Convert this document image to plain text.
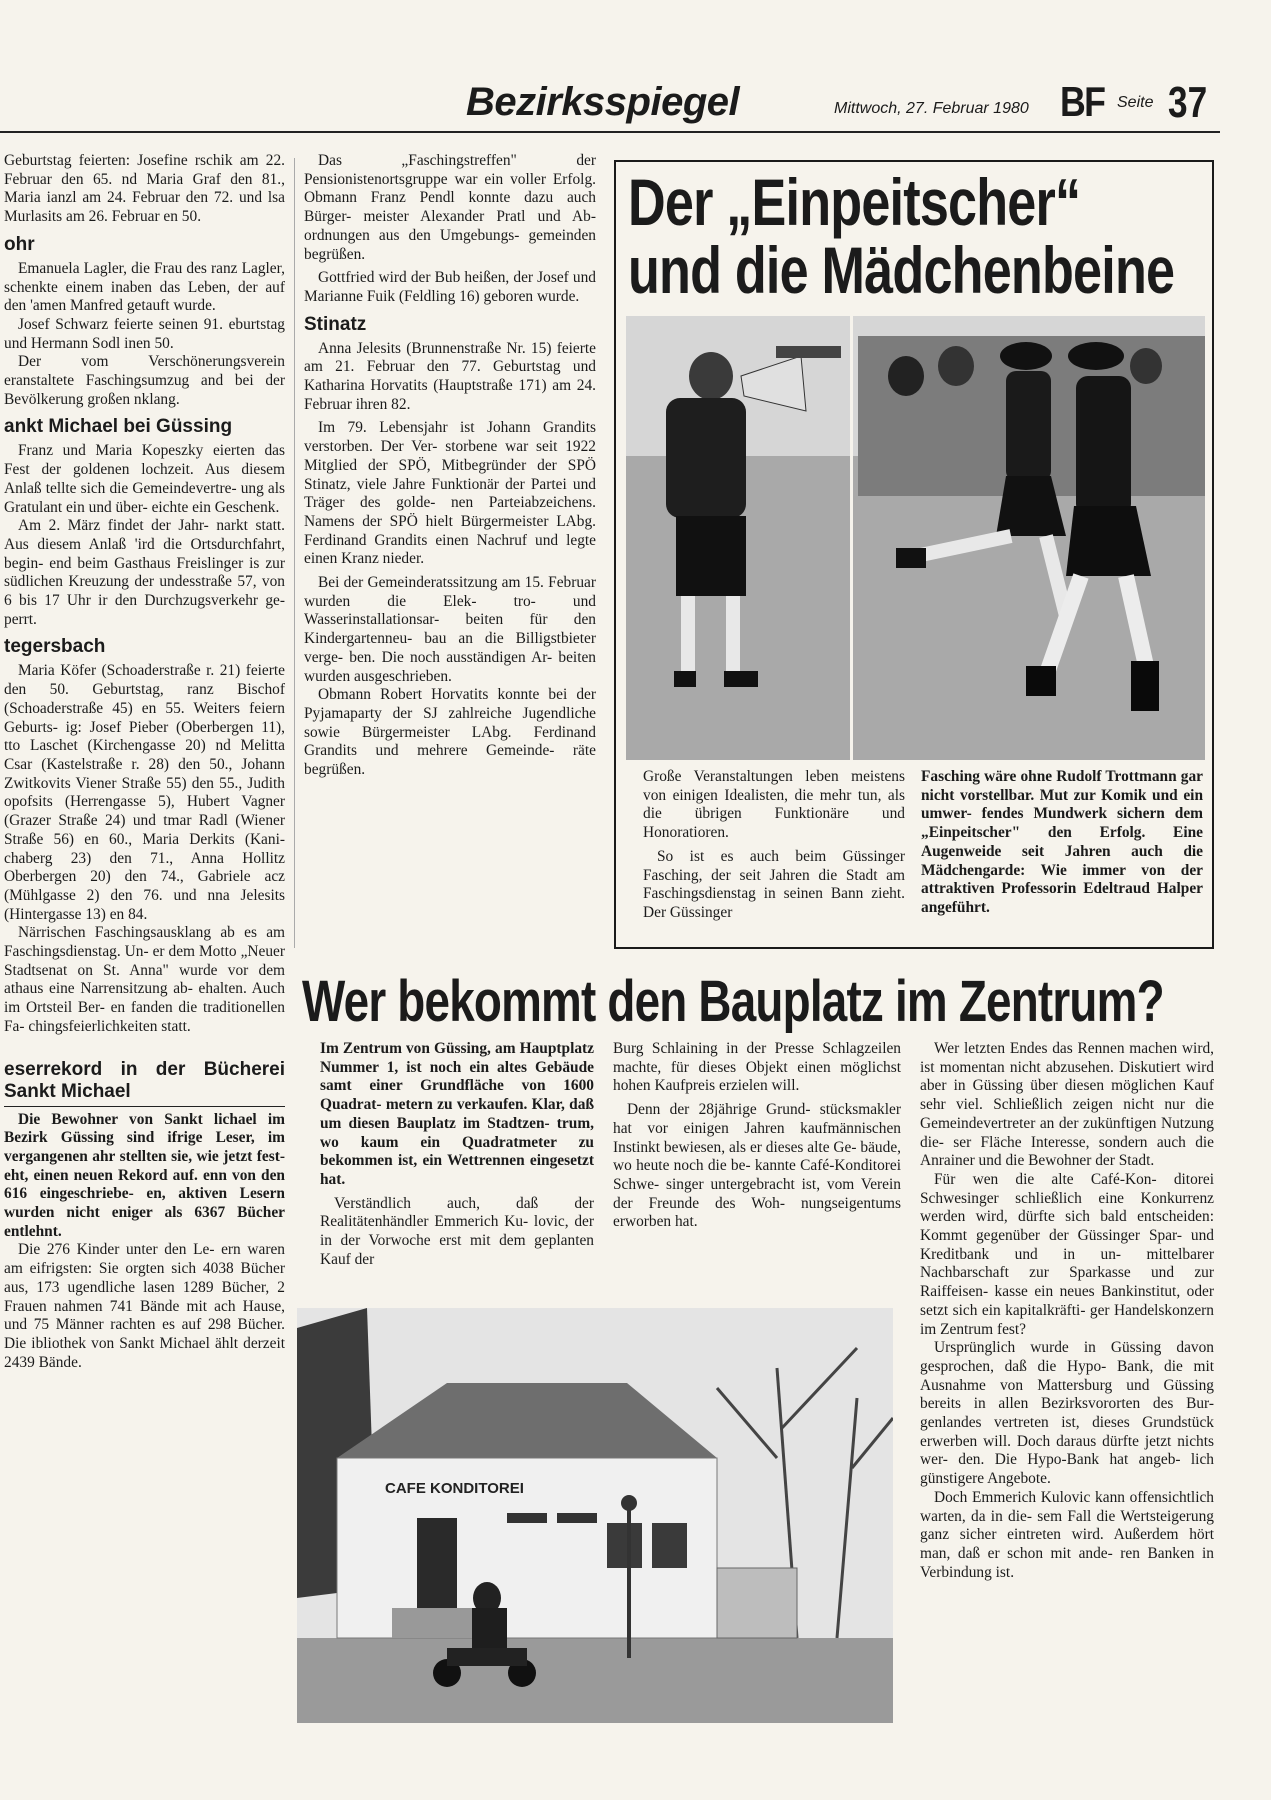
Bezirksspiegel	Mittwoch, 27. Februar 1980 BF Seite 37

Geburtstag feierten: Josefine rschik am 22. Februar den 65. nd Maria Graf den 81., Maria ianzl am 24. Februar den 72. und lsa Murlasits am 26. Februar en 50.

ohr

Emanuela Lagler, die Frau des ranz Lagler, schenkte einem inaben das Leben, der auf den 'amen Manfred getauft wurde.

Josef Schwarz feierte seinen 91. eburtstag und Hermann Sodl inen 50.

Der vom Verschönerungsverein eranstaltete Faschingsumzug and bei der Bevölkerung großen nklang.

ankt Michael bei Güssing

Franz und Maria Kopeszky eierten das Fest der goldenen lochzeit. Aus diesem Anlaß tellte sich die Gemeindevertre- ung als Gratulant ein und über- eichte ein Geschenk.

Am 2. März findet der Jahr- narkt statt. Aus diesem Anlaß 'ird die Ortsdurchfahrt, begin- end beim Gasthaus Freislinger is zur südlichen Kreuzung der undesstraße 57, von 6 bis 17 Uhr ir den Durchzugsverkehr ge- perrt.

tegersbach

Maria Köfer (Schoaderstraße r. 21) feierte den 50. Geburtstag, ranz Bischof (Schoaderstraße 45) en 55. Weiters feiern Geburts- ig: Josef Pieber (Oberbergen 11), tto Laschet (Kirchengasse 20) nd Melitta Csar (Kastelstraße r. 28) den 50., Johann Zwitkovits Viener Straße 55) den 55., Judith opofsits (Herrengasse 5), Hubert Vagner (Grazer Straße 24) und tmar Radl (Wiener Straße 56) en 60., Maria Derkits (Kani- chaberg 23) den 71., Anna Hollitz Oberbergen 20) den 74., Gabriele acz (Mühlgasse 2) den 76. und nna Jelesits (Hintergasse 13) en 84.

Närrischen Faschingsausklang ab es am Faschingsdienstag. Un- er dem Motto „Neuer Stadtsenat on St. Anna" wurde vor dem athaus eine Narrensitzung ab- ehalten. Auch im Ortsteil Ber- en fanden die traditionellen Fa- chingsfeierlichkeiten statt.

eserrekord in der Bücherei Sankt Michael

Die Bewohner von Sankt lichael im Bezirk Güssing sind ifrige Leser, im vergangenen ahr stellten sie, wie jetzt fest- eht, einen neuen Rekord auf. enn von den 616 eingeschriebe- en, aktiven Lesern wurden nicht eniger als 6367 Bücher entlehnt.

Die 276 Kinder unter den Le- ern waren am eifrigsten: Sie orgten sich 4038 Bücher aus, 173 ugendliche lasen 1289 Bücher, 2 Frauen nahmen 741 Bände mit ach Hause, und 75 Männer rachten es auf 298 Bücher. Die ibliothek von Sankt Michael ählt derzeit 2439 Bände.

Das „Faschingstreffen" der Pensionistenortsgruppe war ein voller Erfolg. Obmann Franz Pendl konnte dazu auch Bürger- meister Alexander Pratl und Ab- ordnungen aus den Umgebungs- gemeinden begrüßen.

Gottfried wird der Bub heißen, der Josef und Marianne Fuik (Feldling 16) geboren wurde.

Stinatz

Anna Jelesits (Brunnenstraße Nr. 15) feierte am 21. Februar den 77. Geburtstag und Katharina Horvatits (Hauptstraße 171) am 24. Februar ihren 82.

Im 79. Lebensjahr ist Johann Grandits verstorben. Der Ver- storbene war seit 1922 Mitglied der SPÖ, Mitbegründer der SPÖ Stinatz, viele Jahre Funktionär der Partei und Träger des golde- nen Parteiabzeichens. Namens der SPÖ hielt Bürgermeister LAbg. Ferdinand Grandits einen Nachruf und legte einen Kranz nieder.

Bei der Gemeinderatssitzung am 15. Februar wurden die Elek- tro- und Wasserinstallationsar- beiten für den Kindergartenneu- bau an die Billigstbieter verge- ben. Die noch ausständigen Ar- beiten wurden ausgeschrieben.

Obmann Robert Horvatits konnte bei der Pyjamaparty der SJ zahlreiche Jugendliche sowie Bürgermeister LAbg. Ferdinand Grandits und mehrere Gemeinde- räte begrüßen.

Der „Einpeitscher“
und die Mädchenbeine

Große Veranstaltungen leben meistens von einigen Idealisten, die mehr tun, als die übrigen Funktionäre und Honoratioren.

So ist es auch beim Güssinger Fasching, der seit Jahren die Stadt am Faschingsdienstag in seinen Bann zieht. Der Güssinger

Fasching wäre ohne Rudolf Trottmann gar nicht vorstellbar. Mut zur Komik und ein umwer- fendes Mundwerk sichern dem „Einpeitscher" den Erfolg. Eine Augenweide seit Jahren auch die Mädchengarde: Wie immer von der attraktiven Professorin Edeltraud Halper angeführt.

Wer bekommt den Bauplatz im Zentrum?

Im Zentrum von Güssing, am Hauptplatz Nummer 1, ist noch ein altes Gebäude samt einer Grundfläche von 1600 Quadrat- metern zu verkaufen. Klar, daß um diesen Bauplatz im Stadtzen- trum, wo kaum ein Quadratmeter zu bekommen ist, ein Wettrennen eingesetzt hat.

Verständlich auch, daß der Realitätenhändler Emmerich Ku- lovic, der in der Vorwoche erst mit dem geplanten Kauf der

Burg Schlaining in der Presse Schlagzeilen machte, für dieses Objekt einen möglichst hohen Kaufpreis erzielen will.

Denn der 28jährige Grund- stücksmakler hat vor einigen Jahren kaufmännischen Instinkt bewiesen, als er dieses alte Ge- bäude, wo heute noch die be- kannte Café-Konditorei Schwe- singer untergebracht ist, vom Verein der Freunde des Woh- nungseigentums erworben hat.

Wer letzten Endes das Rennen machen wird, ist momentan nicht abzusehen. Diskutiert wird aber in Güssing über diesen möglichen Kauf sehr viel. Schließlich zeigen nicht nur die Gemeindevertreter an der zukünftigen Nutzung die- ser Fläche Interesse, sondern auch die Anrainer und die Bewohner der Stadt.

Für wen die alte Café-Kon- ditorei Schwesinger schließlich eine Konkurrenz werden wird, dürfte sich bald entscheiden: Kommt gegenüber der Güssinger Spar- und Kreditbank und in un- mittelbarer Nachbarschaft zur Sparkasse und zur Raiffeisen- kasse ein neues Bankinstitut, oder setzt sich ein kapitalkräfti- ger Handelskonzern im Zentrum fest?

Ursprünglich wurde in Güssing davon gesprochen, daß die Hypo- Bank, die mit Ausnahme von Mattersburg und Güssing bereits in allen Bezirksvororten des Bur- genlandes vertreten ist, dieses Grundstück erwerben will. Doch daraus dürfte jetzt nichts wer- den. Die Hypo-Bank hat angeb- lich günstigere Angebote.

Doch Emmerich Kulovic kann offensichtlich warten, da in die- sem Fall die Wertsteigerung ganz sicher eintreten wird. Außerdem hört man, daß er schon mit ande- ren Banken in Verbindung ist.

CAFE KONDITOREI
